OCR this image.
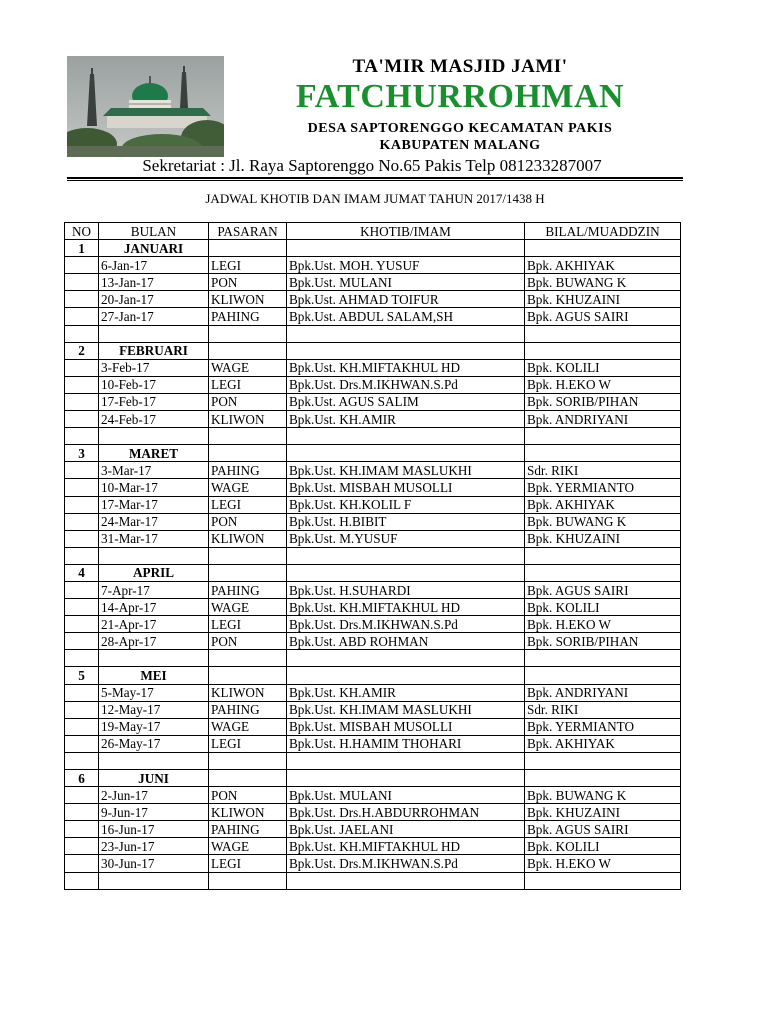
TA'MIR MASJID JAMI'
FATCHURROHMAN
DESA SAPTORENGGO KECAMATAN PAKIS
KABUPATEN MALANG
Sekretariat : Jl. Raya Saptorenggo No.65 Pakis Telp 081233287007
JADWAL KHOTIB DAN IMAM JUMAT TAHUN 2017/1438 H
NO	BULAN	PASARAN	KHOTIB/IMAM	BILAL/MUADDZIN
1	JANUARI			
	6-Jan-17	LEGI	Bpk.Ust. MOH. YUSUF	Bpk. AKHIYAK
	13-Jan-17	PON	Bpk.Ust. MULANI	Bpk. BUWANG K
	20-Jan-17	KLIWON	Bpk.Ust. AHMAD TOIFUR	Bpk. KHUZAINI
	27-Jan-17	PAHING	Bpk.Ust. ABDUL SALAM,SH	Bpk. AGUS SAIRI

2	FEBRUARI			
	3-Feb-17	WAGE	Bpk.Ust. KH.MIFTAKHUL HD	Bpk. KOLILI
	10-Feb-17	LEGI	Bpk.Ust. Drs.M.IKHWAN.S.Pd	Bpk. H.EKO W
	17-Feb-17	PON	Bpk.Ust. AGUS SALIM	Bpk. SORIB/PIHAN
	24-Feb-17	KLIWON	Bpk.Ust. KH.AMIR	Bpk. ANDRIYANI

3	MARET			
	3-Mar-17	PAHING	Bpk.Ust. KH.IMAM MASLUKHI	Sdr. RIKI
	10-Mar-17	WAGE	Bpk.Ust. MISBAH MUSOLLI	Bpk. YERMIANTO
	17-Mar-17	LEGI	Bpk.Ust. KH.KOLIL F	Bpk. AKHIYAK
	24-Mar-17	PON	Bpk.Ust. H.BIBIT	Bpk. BUWANG K
	31-Mar-17	KLIWON	Bpk.Ust. M.YUSUF	Bpk. KHUZAINI

4	APRIL			
	7-Apr-17	PAHING	Bpk.Ust. H.SUHARDI	Bpk. AGUS SAIRI
	14-Apr-17	WAGE	Bpk.Ust. KH.MIFTAKHUL HD	Bpk. KOLILI
	21-Apr-17	LEGI	Bpk.Ust. Drs.M.IKHWAN.S.Pd	Bpk. H.EKO W
	28-Apr-17	PON	Bpk.Ust. ABD ROHMAN	Bpk. SORIB/PIHAN

5	MEI			
	5-May-17	KLIWON	Bpk.Ust. KH.AMIR	Bpk. ANDRIYANI
	12-May-17	PAHING	Bpk.Ust. KH.IMAM MASLUKHI	Sdr. RIKI
	19-May-17	WAGE	Bpk.Ust. MISBAH MUSOLLI	Bpk. YERMIANTO
	26-May-17	LEGI	Bpk.Ust. H.HAMIM THOHARI	Bpk. AKHIYAK

6	JUNI			
	2-Jun-17	PON	Bpk.Ust. MULANI	Bpk. BUWANG K
	9-Jun-17	KLIWON	Bpk.Ust. Drs.H.ABDURROHMAN	Bpk. KHUZAINI
	16-Jun-17	PAHING	Bpk.Ust. JAELANI	Bpk. AGUS SAIRI
	23-Jun-17	WAGE	Bpk.Ust. KH.MIFTAKHUL HD	Bpk. KOLILI
	30-Jun-17	LEGI	Bpk.Ust. Drs.M.IKHWAN.S.Pd	Bpk. H.EKO W
